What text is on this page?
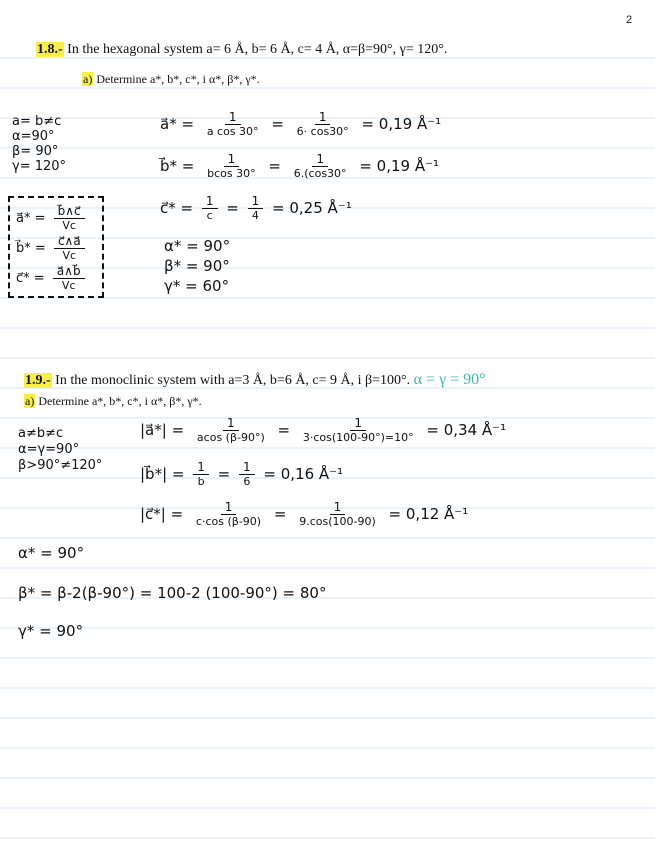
2
1.8.- In the hexagonal system a= 6 Å, b= 6 Å, c= 4 Å, α=β=90°, γ= 120°.
a) Determine a*, b*, c*, i α*, β*, γ*.
a= b≠c
α=90°
β= 90°
γ= 120°
a⃗* = $\frac{b⃗\wedge c⃗}{Vc}$
b⃗* = $\frac{c⃗\wedge a⃗}{Vc}$
c⃗* = $\frac{a⃗\wedge b⃗}{Vc}$
a⃗* = $\frac{1}{\text{a cos 30°}} = \frac{1}{6\cdot \cos 30^\circ} = 0,19$ Å⁻¹
b⃗* = $\frac{1}{bcos 30^\circ} = \frac{1}{6.(\cos 30^\circ} = 0,19$ Å⁻¹
c⃗* = $\frac{1}{c} = \frac{1}{4} = 0,25$ Å⁻¹
α* = 90°
β* = 90°
γ* = 60°
1.9.- In the monoclinic system with a=3 Å, b=6 Å, c= 9 Å, i β=100°. α = γ = 90°
a) Determine a*, b*, c*, i α*, β*, γ*.
a≠b≠c
α=γ=90°
β>90°≠120°
|a⃗*| = $\frac{1}{acos (\beta-90^\circ)} = \frac{1}{3\cdot\cos(100-90^\circ)=10^\circ} = 0,34$ Å⁻¹
|b⃗*| = $\frac{1}{b} = \frac{1}{6} = 0,16$ Å⁻¹
|c⃗*| = $\frac{1}{c\cdot\cos (\beta-90)} = \frac{1}{9.\cos(100-90)} = 0,12$ Å⁻¹
α* = 90°
β* = β-2(β-90°) = 100-2 (100-90°) = 80°
γ* = 90°
